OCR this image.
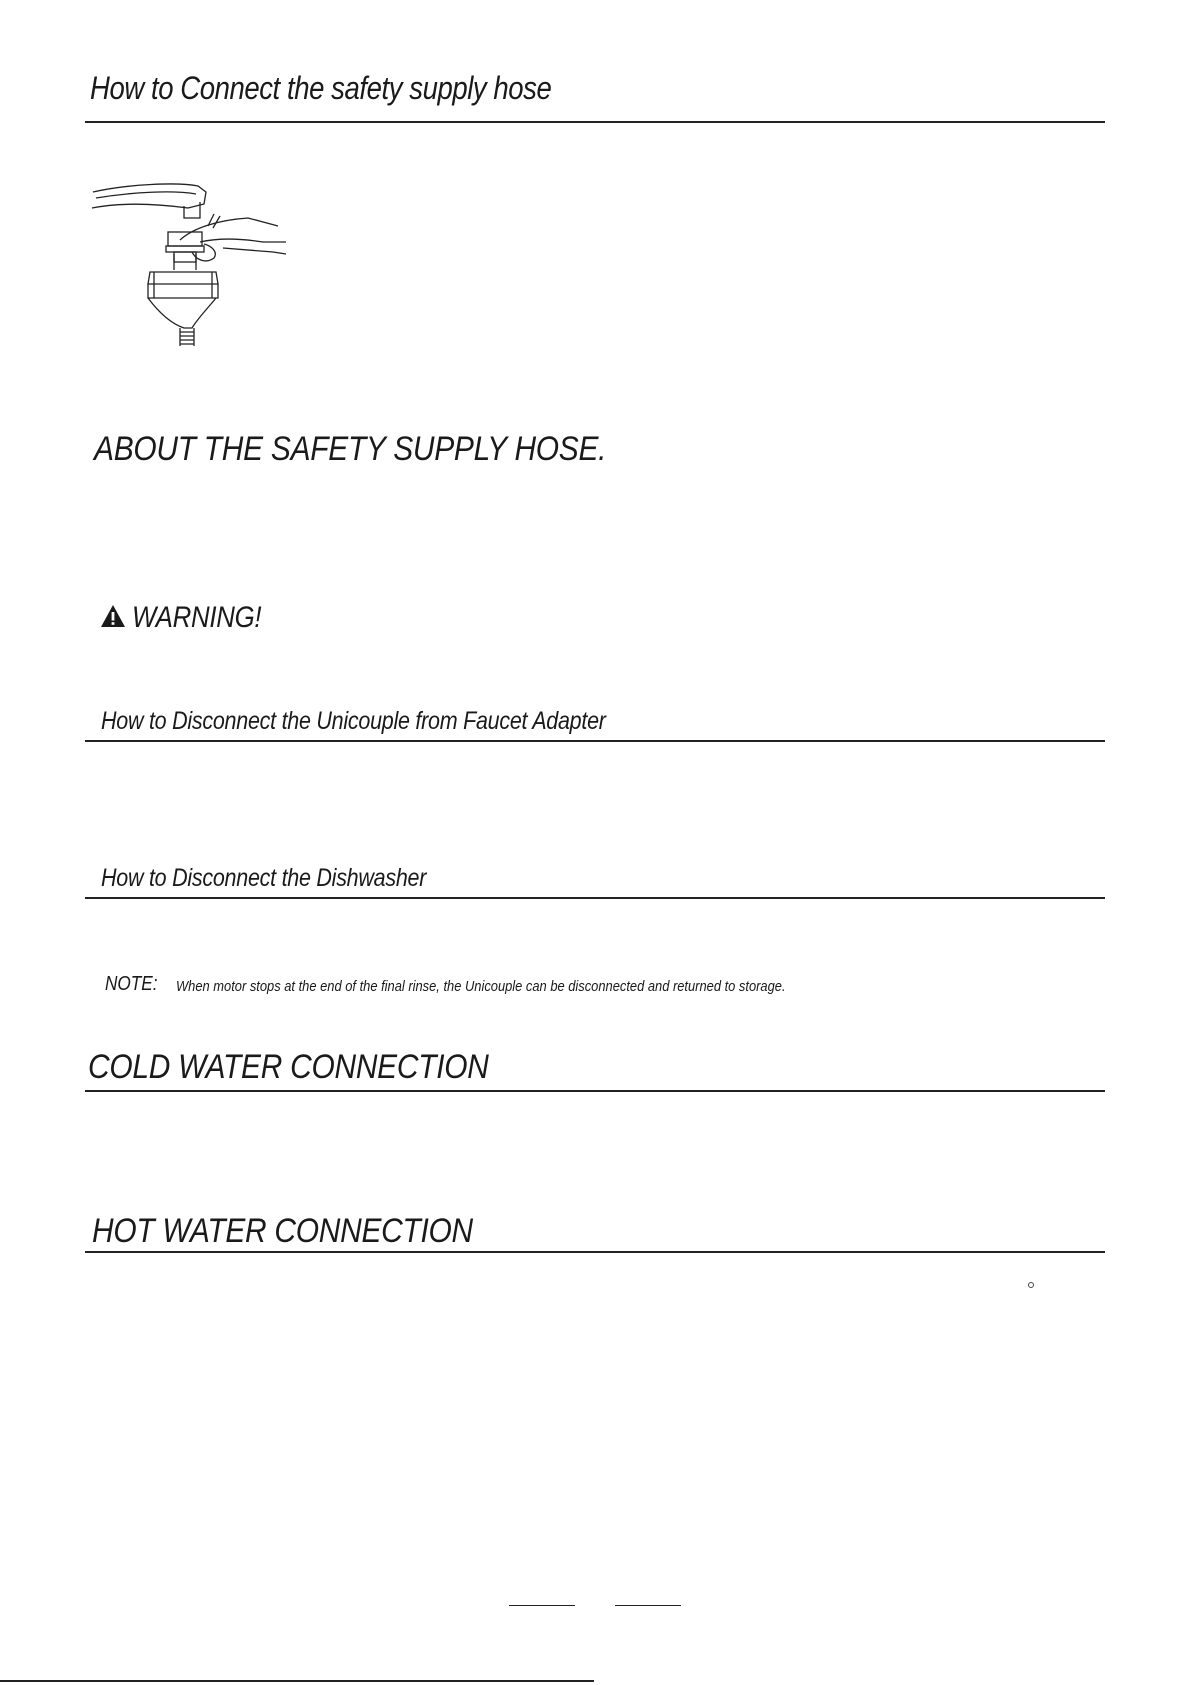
How to Connect the safety supply hose
ABOUT THE SAFETY SUPPLY HOSE.
WARNING!
How to Disconnect the Unicouple from Faucet Adapter
How to Disconnect the Dishwasher
NOTE: When motor stops at the end of the final rinse, the Unicouple can be disconnected and returned to storage.
COLD WATER CONNECTION
HOT WATER CONNECTION
